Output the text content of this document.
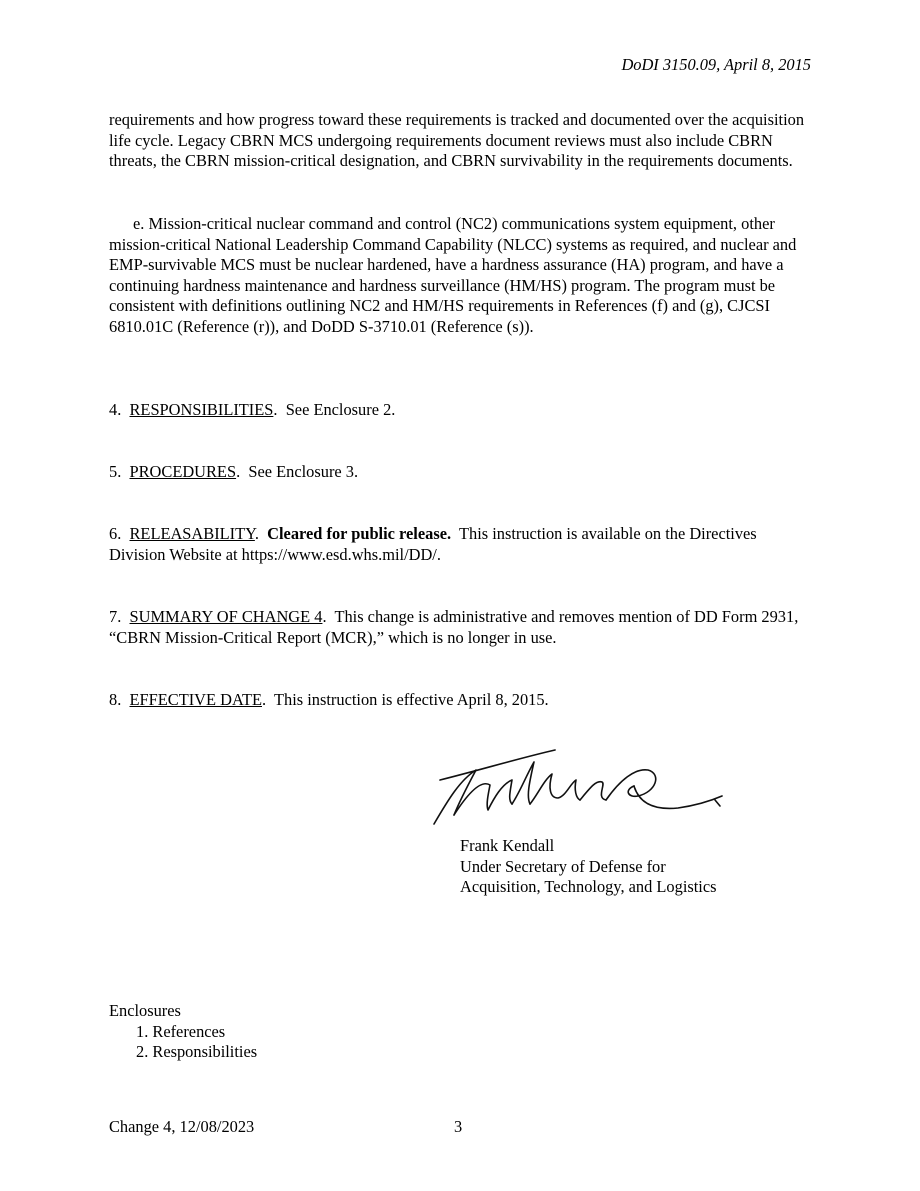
DoDI 3150.09, April 8, 2015
requirements and how progress toward these requirements is tracked and documented over the acquisition life cycle. Legacy CBRN MCS undergoing requirements document reviews must also include CBRN threats, the CBRN mission-critical designation, and CBRN survivability in the requirements documents.
e. Mission-critical nuclear command and control (NC2) communications system equipment, other mission-critical National Leadership Command Capability (NLCC) systems as required, and nuclear and EMP-survivable MCS must be nuclear hardened, have a hardness assurance (HA) program, and have a continuing hardness maintenance and hardness surveillance (HM/HS) program. The program must be consistent with definitions outlining NC2 and HM/HS requirements in References (f) and (g), CJCSI 6810.01C (Reference (r)), and DoDD S-3710.01 (Reference (s)).
4. RESPONSIBILITIES.  See Enclosure 2.
5. PROCEDURES.  See Enclosure 3.
6. RELEASABILITY.  Cleared for public release. This instruction is available on the Directives Division Website at https://www.esd.whs.mil/DD/.
7. SUMMARY OF CHANGE 4.  This change is administrative and removes mention of DD Form 2931, “CBRN Mission-Critical Report (MCR),” which is no longer in use.
8. EFFECTIVE DATE.  This instruction is effective April 8, 2015.
Frank Kendall
Under Secretary of Defense for
Acquisition, Technology, and Logistics
Enclosures
1. References
2. Responsibilities
Change 4, 12/08/2023	3
